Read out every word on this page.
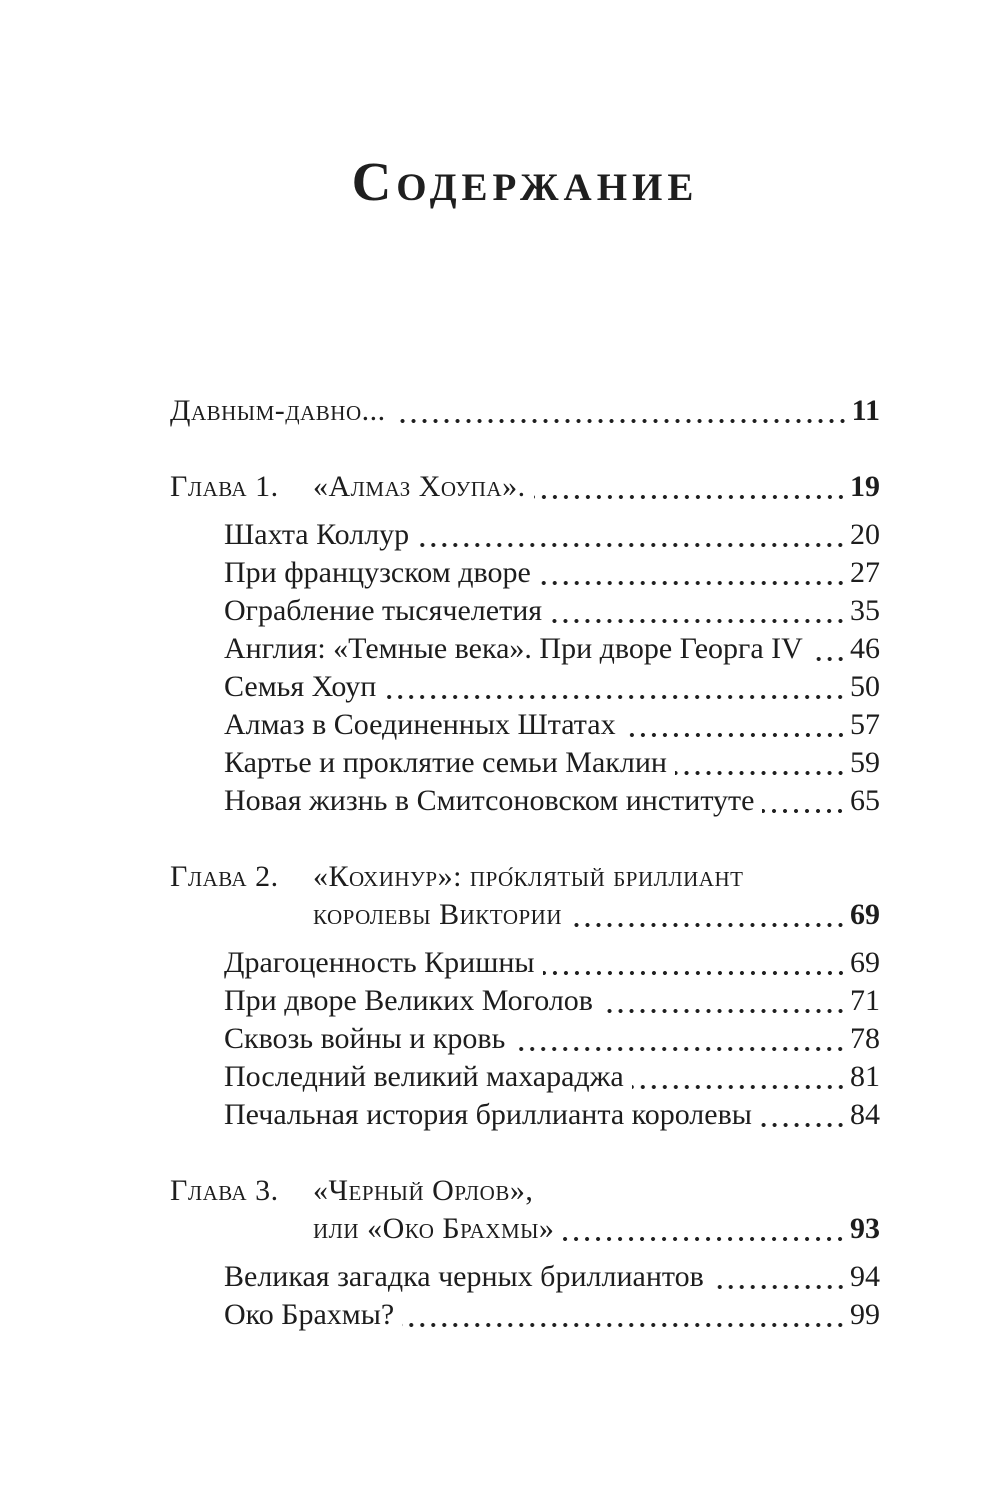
Содержание
Давным-давно...	11
Глава 1.	«Алмаз Хоупа».	19
Шахта Коллур	20
При французском дворе	27
Ограбление тысячелетия	35
Англия: «Темные века». При дворе Георга IV 46
Семья Хоуп	50
Алмаз в Соединенных Штатах	57
Картье и проклятие семьи Маклин	59
Новая жизнь в Смитсоновском институте	65
Глава 2.	«Кохинур»: про́клятый бриллиант
королевы Виктории	69
Драгоценность Кришны	69
При дворе Великих Моголов	71
Сквозь войны и кровь	78
Последний великий махараджа	81
Печальная история бриллианта королевы	84
Глава 3.	«Черный Орлов»,
или «Око Брахмы»	93
Великая загадка черных бриллиантов	94
Око Брахмы?	99
